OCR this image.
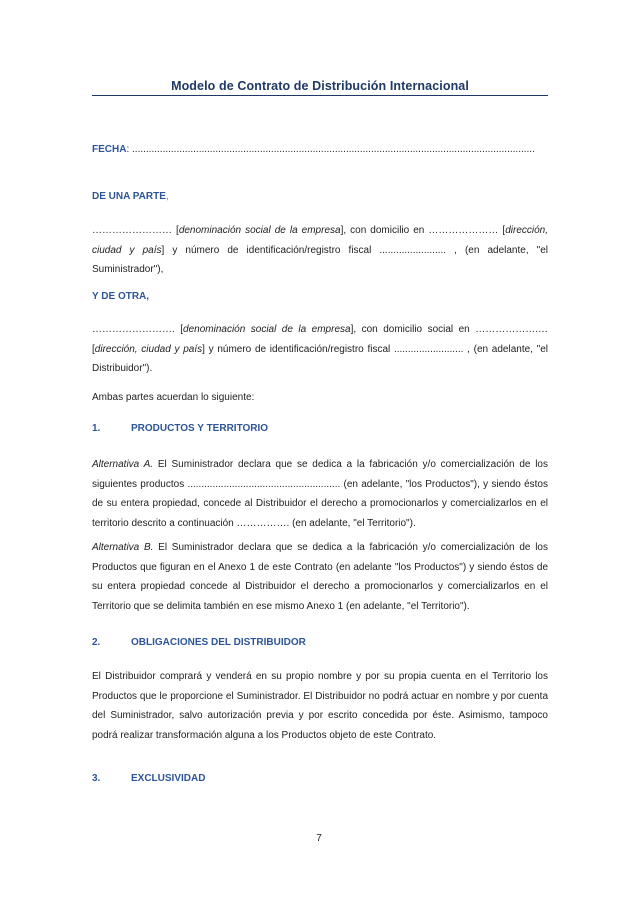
Modelo de Contrato de Distribución Internacional
FECHA: .................................................................................................................................................
DE UNA PARTE,
…………………… [denominación social de la empresa], con domicilio en ………………… [dirección, ciudad y país] y número de identificación/registro fiscal ........................ , (en adelante, "el Suministrador"),
Y DE OTRA,
……………………. [denominación social de la empresa], con domicilio social en ……………….… [dirección, ciudad y país] y número de identificación/registro fiscal ......................... , (en adelante, "el Distribuidor").
Ambas partes acuerdan lo siguiente:
1.	PRODUCTOS Y TERRITORIO
Alternativa A. El Suministrador declara que se dedica a la fabricación y/o comercialización de los siguientes productos ....................................................... (en adelante, "los Productos"), y siendo éstos de su entera propiedad, concede al Distribuidor el derecho a promocionarlos y comercializarlos en el territorio descrito a continuación ……………. (en adelante, "el Territorio").
Alternativa B. El Suministrador declara que se dedica a la fabricación y/o comercialización de los Productos que figuran en el Anexo 1 de este Contrato (en adelante "los Productos") y siendo éstos de su entera propiedad concede al Distribuidor el derecho a promocionarlos y comercializarlos en el Territorio que se delimita también en ese mismo Anexo 1 (en adelante, "el Territorio").
2.	OBLIGACIONES DEL DISTRIBUIDOR
El Distribuidor comprará y venderá en su propio nombre y por su propia cuenta en el Territorio los Productos que le proporcione el Suministrador. El Distribuidor no podrá actuar en nombre y por cuenta del Suministrador, salvo autorización previa y por escrito concedida por éste. Asimismo, tampoco podrá realizar transformación alguna a los Productos objeto de este Contrato.
3.	EXCLUSIVIDAD
7
